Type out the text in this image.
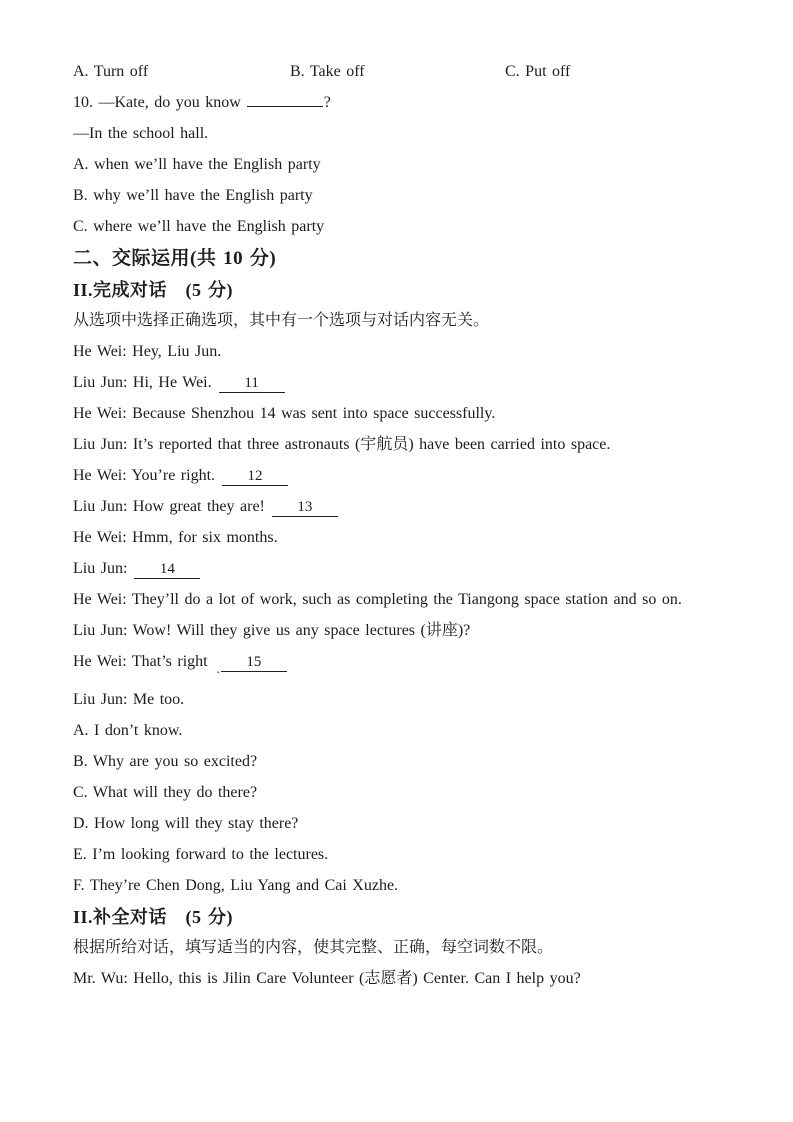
A. Turn off	B. Take off	C. Put off

10. —Kate, do you know	?

—In the school hall.

A. when we’ll have the English party

B. why we’ll have the English party

C. where we’ll have the English party

二、交际运用(共 10 分)
II.完成对话　(5 分)

从选项中选择正确选项，其中有一个选项与对话内容无关。

He Wei: Hey, Liu Jun.

Liu Jun: Hi, He Wei. 11

He Wei: Because Shenzhou 14 was sent into space successfully.

Liu Jun: It’s reported that three astronauts (宇航员) have been carried into space.

He Wei: You’re right. 12

Liu Jun: How great they are! 13

He Wei: Hmm, for six months.

Liu Jun: 14

He Wei: They’ll do a lot of work, such as completing the Tiangong space station and so on.

Liu Jun: Wow! Will they give us any space lectures (讲座)?

He Wei: That’s right . 15

Liu Jun: Me too.

A. I don’t know.

B. Why are you so excited?

C. What will they do there?

D. How long will they stay there?

E. I’m looking forward to the lectures.

F. They’re Chen Dong, Liu Yang and Cai Xuzhe.

II.补全对话　(5 分)

根据所给对话，填写适当的内容，使其完整、正确，每空词数不限。

Mr. Wu: Hello, this is Jilin Care Volunteer (志愿者) Center. Can I help you?
